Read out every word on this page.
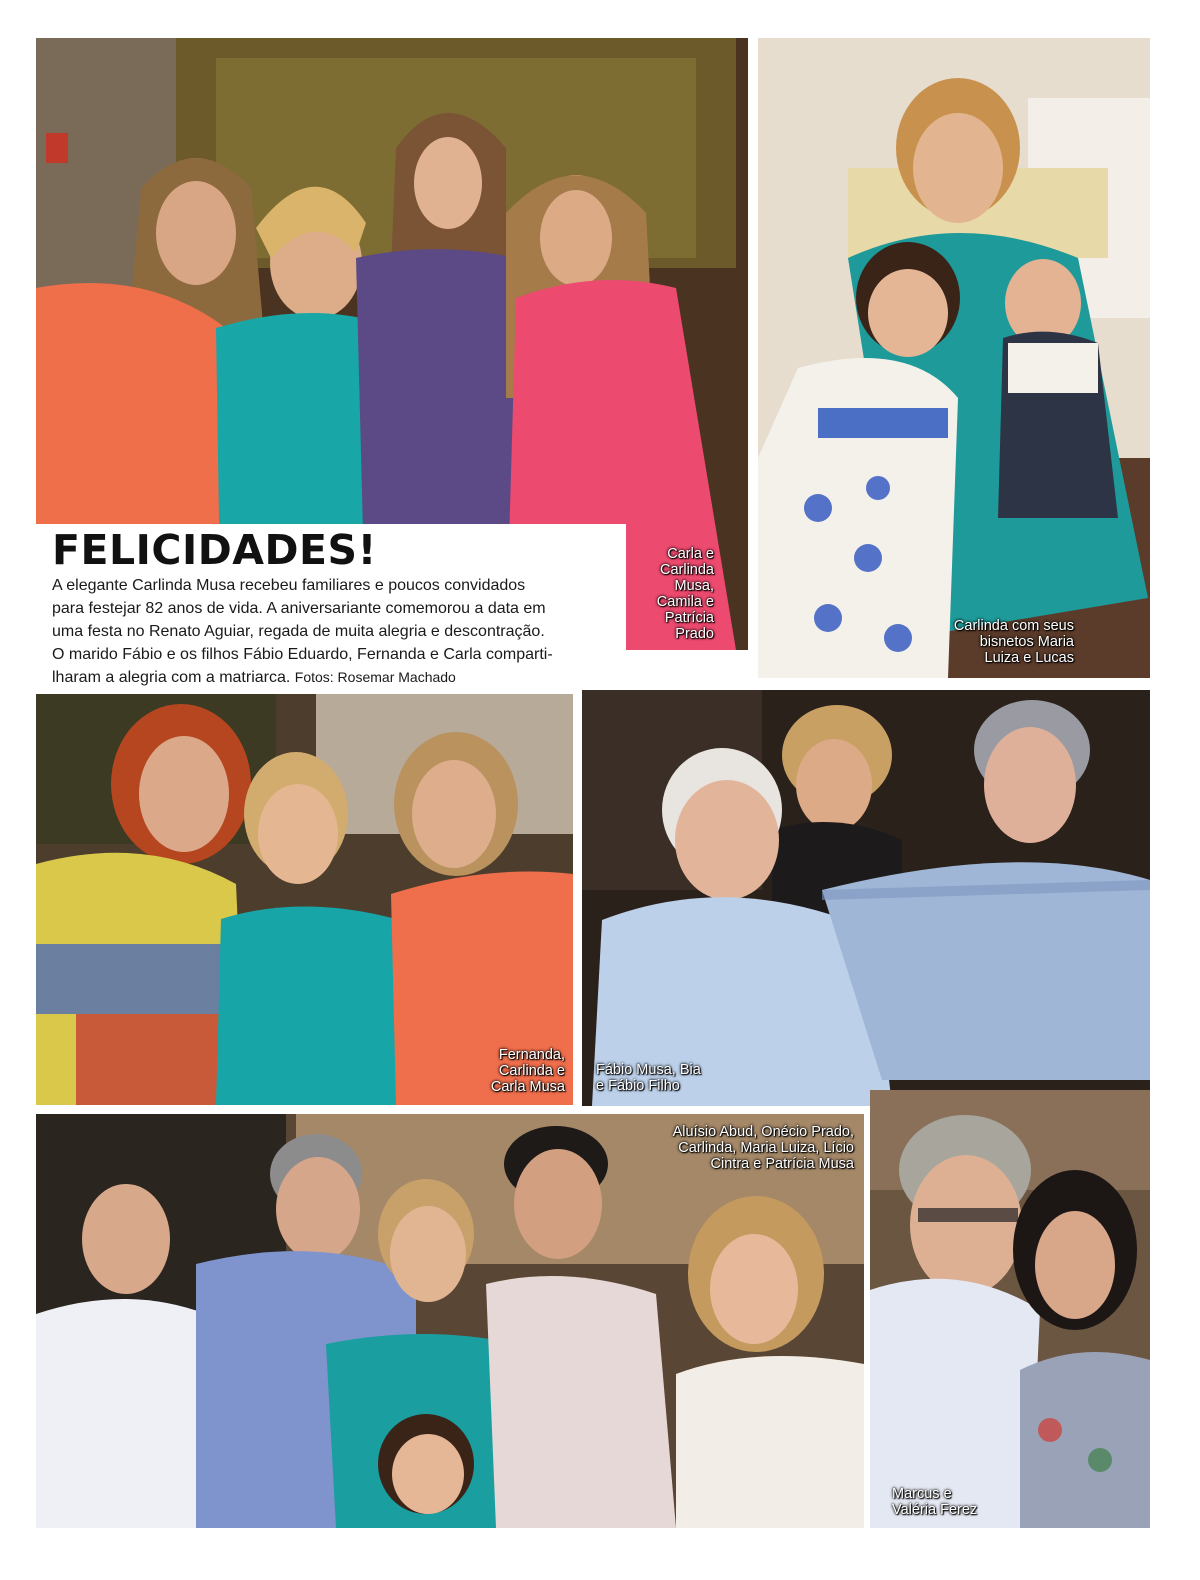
Carla e
Carlinda
Musa,
Camila e
Patrícia
Prado	Carlinda com seus
bisnetos Maria
Luiza e Lucas
FELICIDADES!

A elegante Carlinda Musa recebeu familiares e poucos convidados
para festejar 82 anos de vida. A aniversariante comemorou a data em
uma festa no Renato Aguiar, regada de muita alegria e descontração.
O marido Fábio e os filhos Fábio Eduardo, Fernanda e Carla comparti-
lharam a alegria com a matriarca. Fotos: Rosemar Machado

Fernanda,
Carlinda e
Carla Musa
Fábio Musa, Bia
e Fábio Filho
Aluísio Abud, Onécio Prado,
Carlinda, Maria Luiza, Lício
Cintra e Patrícia Musa
Marcus e
Valéria Ferez
